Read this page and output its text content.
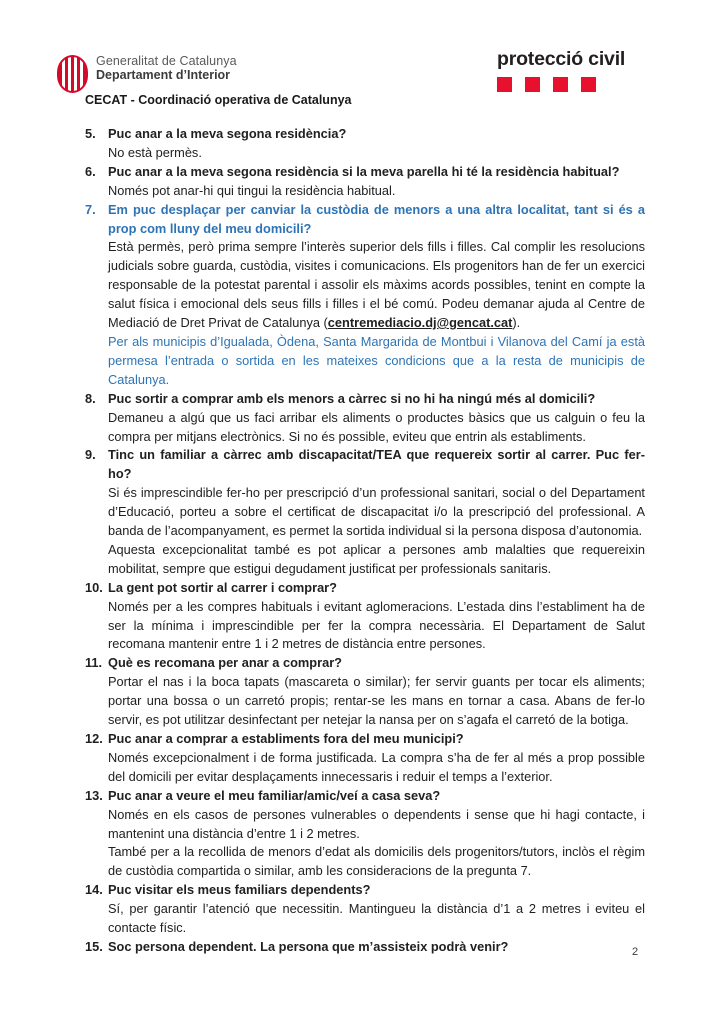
Generalitat de Catalunya
Departament d’Interior
CECAT - Coordinació operativa de Catalunya
protecció civil

5. Puc anar a la meva segona residència?

No està permès.

6. Puc anar a la meva segona residència si la meva parella hi té la residència habitual?

Només pot anar-hi qui tingui la residència habitual.

7. Em puc desplaçar per canviar la custòdia de menors a una altra localitat, tant si és a prop com lluny del meu domicili?

Està permès, però prima sempre l’interès superior dels fills i filles. Cal complir les resolucions judicials sobre guarda, custòdia, visites i comunicacions. Els progenitors han de fer un exercici responsable de la potestat parental i assolir els màxims acords possibles, tenint en compte la salut física i emocional dels seus fills i filles i el bé comú. Podeu demanar ajuda al Centre de Mediació de Dret Privat de Catalunya (centremediacio.dj@gencat.cat).

Per als municipis d’Igualada, Òdena, Santa Margarida de Montbui i Vilanova del Camí ja està permesa l’entrada o sortida en les mateixes condicions que a la resta de municipis de Catalunya.

8. Puc sortir a comprar amb els menors a càrrec si no hi ha ningú més al domicili?

Demaneu a algú que us faci arribar els aliments o productes bàsics que us calguin o feu la compra per mitjans electrònics. Si no és possible, eviteu que entrin als establiments.

9. Tinc un familiar a càrrec amb discapacitat/TEA que requereix sortir al carrer. Puc fer-ho?

Si és imprescindible fer-ho per prescripció d’un professional sanitari, social o del Departament d’Educació, porteu a sobre el certificat de discapacitat i/o la prescripció del professional. A banda de l’acompanyament, es permet la sortida individual si la persona disposa d’autonomia.

Aquesta excepcionalitat també es pot aplicar a persones amb malalties que requereixin mobilitat, sempre que estigui degudament justificat per professionals sanitaris.

10. La gent pot sortir al carrer i comprar?

Només per a les compres habituals i evitant aglomeracions. L’estada dins l’establiment ha de ser la mínima i imprescindible per fer la compra necessària. El Departament de Salut recomana mantenir entre 1 i 2 metres de distància entre persones.

11. Què es recomana per anar a comprar?

Portar el nas i la boca tapats (mascareta o similar); fer servir guants per tocar els aliments; portar una bossa o un carretó propis; rentar-se les mans en tornar a casa. Abans de fer-lo servir, es pot utilitzar desinfectant per netejar la nansa per on s’agafa el carretó de la botiga.

12. Puc anar a comprar a establiments fora del meu municipi?

Només excepcionalment i de forma justificada. La compra s’ha de fer al més a prop possible del domicili per evitar desplaçaments innecessaris i reduir el temps a l’exterior.

13. Puc anar a veure el meu familiar/amic/veí a casa seva?

Només en els casos de persones vulnerables o dependents i sense que hi hagi contacte, i mantenint una distància d’entre 1 i 2 metres.

També per a la recollida de menors d’edat als domicilis dels progenitors/tutors, inclòs el règim de custòdia compartida o similar, amb les consideracions de la pregunta 7.

14. Puc visitar els meus familiars dependents?

Sí, per garantir l’atenció que necessitin. Mantingueu la distància d’1 a 2 metres i eviteu el contacte físic.

15. Soc persona dependent. La persona que m’assisteix podrà venir?	2
